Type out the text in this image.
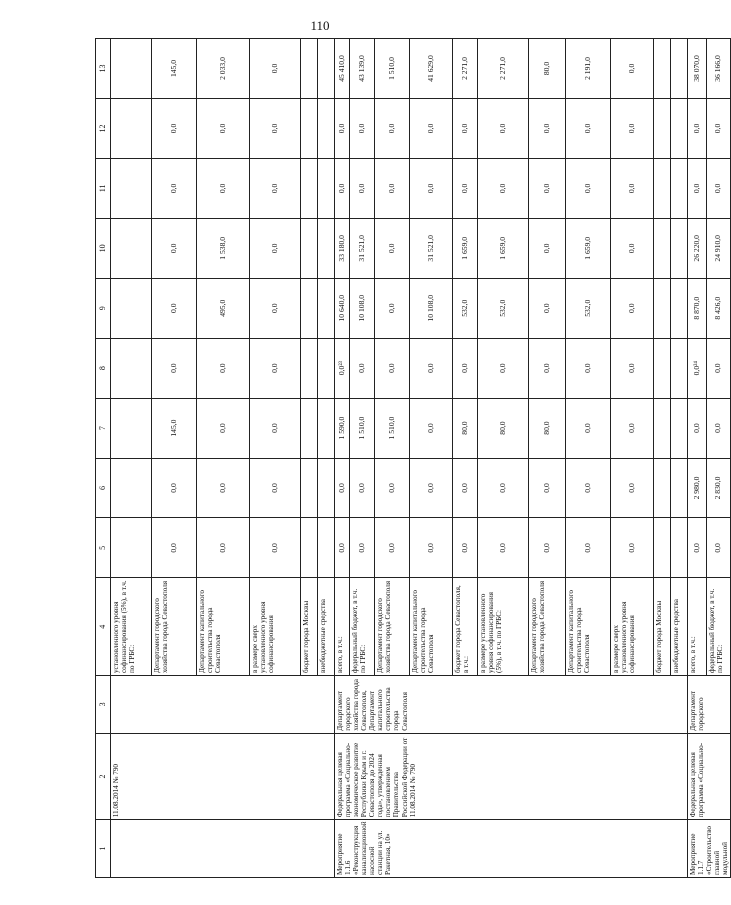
110
1	2	3	4	5	6	7	8	9	10	11	12	13
	11.08.2014 № 790		установленного уровня софинансирования (5%), в т.ч. по ГРБС:									
			Департамент городского хозяйства города Севастополя	0,0	0,0	145,0	0,0	0,0	0,0	0,0	0,0	145,0
			Департамент капитального строительства города Севастополя	0,0	0,0	0,0	0,0	495,0	1 538,0	0,0	0,0	2 033,0
			в размере сверх установленного уровня софинансирования	0,0	0,0	0,0	0,0	0,0	0,0	0,0	0,0	0,0
			бюджет города Москвы									
			внебюджетные средства									
Мероприятие 1.1.6 «Реконструкция канализационной насосной станции на ул. Ракетная, 10»	Федеральная целевая программа «Социально-экономическое развитие Республики Крым и г. Севастополя до 2024 года», утвержденная постановлением Правительства Российской Федерации от 11.08.2014 № 790	Департамент городского хозяйства города Севастополя, Департамент капитального строительства города Севастополя	всего, в т.ч.:	0,0	0,0	1 590,0	0,0²³	10 640,0	33 180,0	0,0	0,0	45 410,0
			федеральный бюджет, в т.ч. по ГРБС:	0,0	0,0	1 510,0	0,0	10 108,0	31 521,0	0,0	0,0	43 139,0
			Департамент городского хозяйства города Севастополя	0,0	0,0	1 510,0	0,0	0,0	0,0	0,0	0,0	1 510,0
			Департамент капитального строительства города Севастополя	0,0	0,0	0,0	0,0	10 108,0	31 521,0	0,0	0,0	41 629,0
			бюджет города Севастополя, в т.ч.:	0,0	0,0	80,0	0,0	532,0	1 659,0	0,0	0,0	2 271,0
			в размере установленного уровня софинансирования (5%), в т.ч. по ГРБС:	0,0	0,0	80,0	0,0	532,0	1 659,0	0,0	0,0	2 271,0
			Департамент городского хозяйства города Севастополя	0,0	0,0	80,0	0,0	0,0	0,0	0,0	0,0	80,0
			Департамент капитального строительства города Севастополя	0,0	0,0	0,0	0,0	532,0	1 659,0	0,0	0,0	2 191,0
			в размере сверх установленного уровня софинансирования	0,0	0,0	0,0	0,0	0,0	0,0	0,0	0,0	0,0
			бюджет города Москвы									
			внебюджетные средства									
Мероприятие 1.1.7 «Строительство главной модульной	Федеральная целевая программа «Социально-	Департамент городского	всего, в т.ч.:	0,0	2 980,0	0,0	0,0²⁴	8 870,0	26 220,0	0,0	0,0	38 070,0
			федеральный бюджет, в т.ч. по ГРБС:	0,0	2 830,0	0,0	0,0	8 426,0	24 910,0	0,0	0,0	36 166,0
